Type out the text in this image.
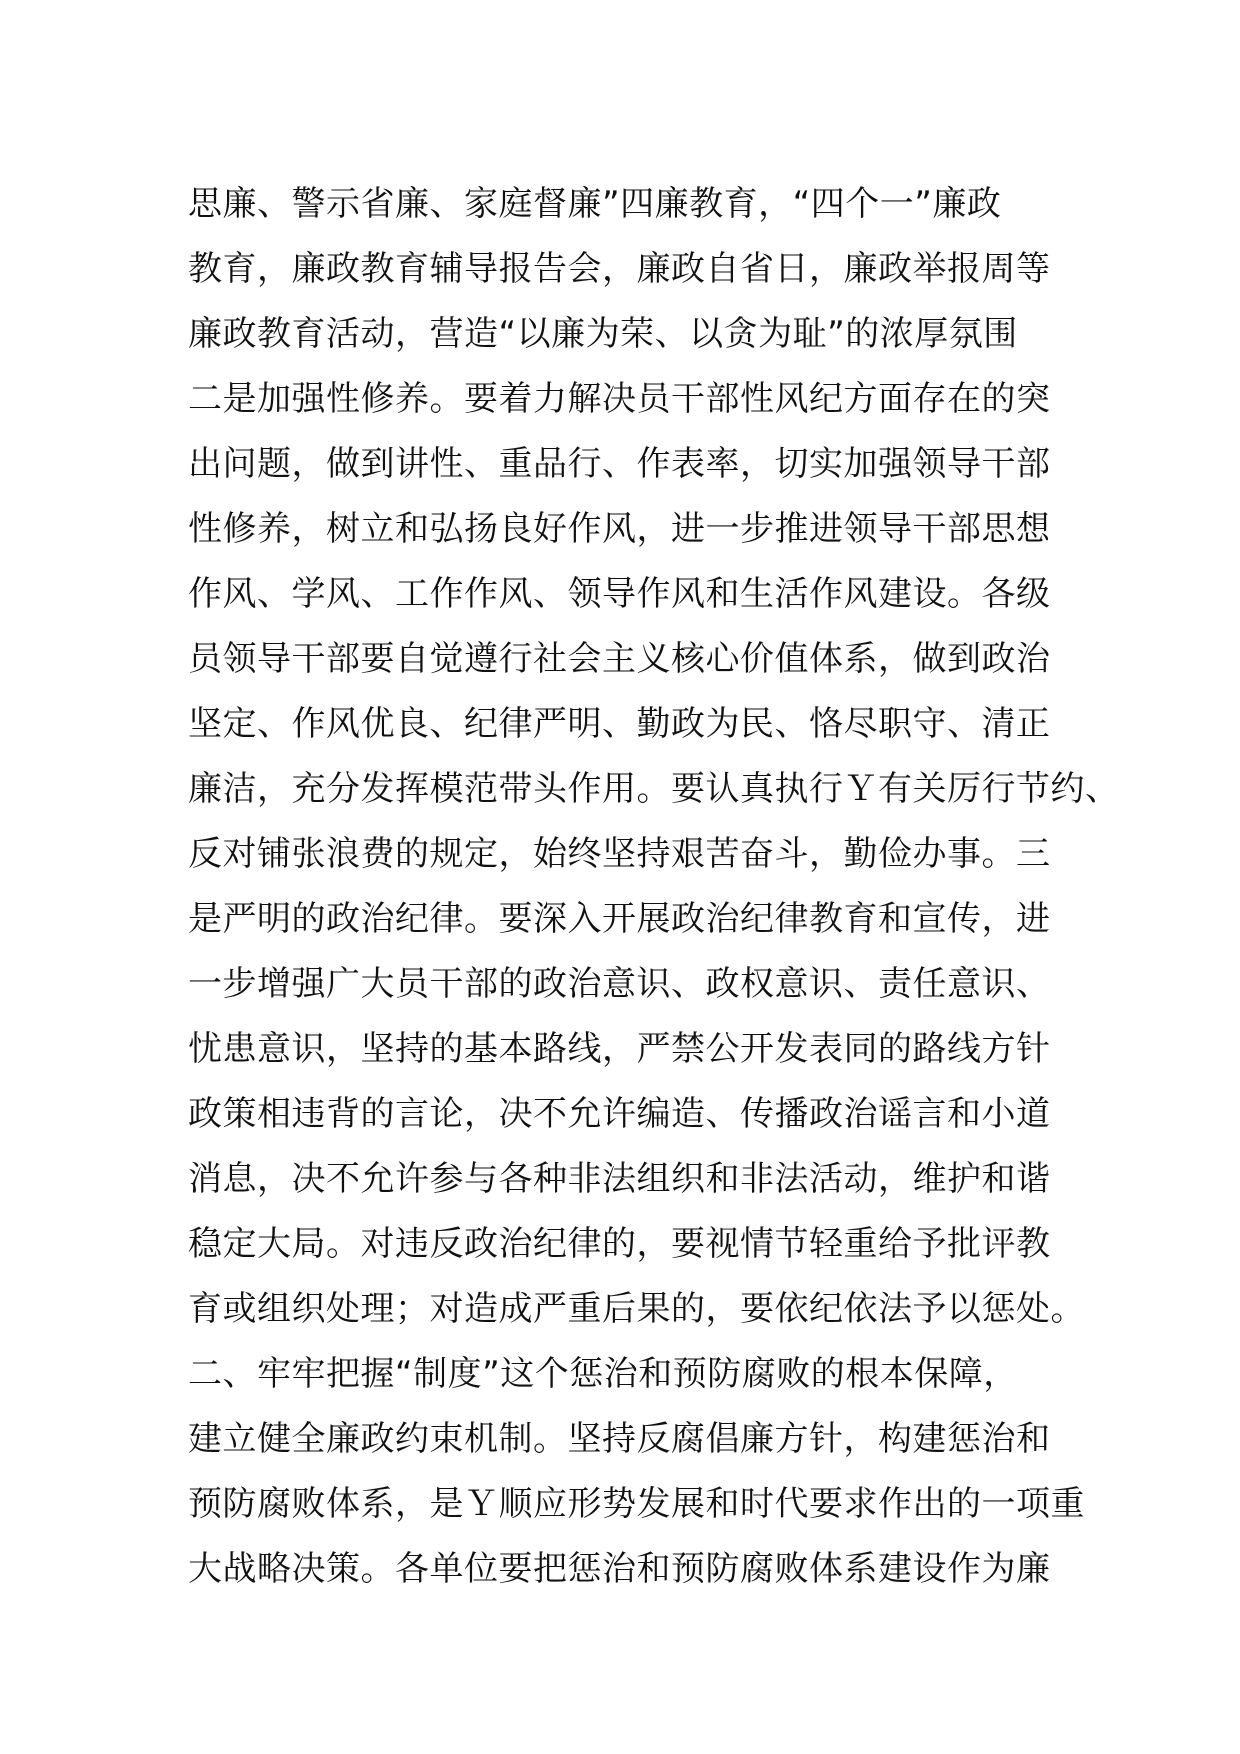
思廉、警示省廉、家庭督廉”四廉教育，“四个一”廉政
教育，廉政教育辅导报告会，廉政自省日，廉政举报周等
廉政教育活动，营造“以廉为荣、以贪为耻”的浓厚氛围
二是加强性修养。要着力解决员干部性风纪方面存在的突
出问题，做到讲性、重品行、作表率，切实加强领导干部
性修养，树立和弘扬良好作风，进一步推进领导干部思想
作风、学风、工作作风、领导作风和生活作风建设。各级
员领导干部要自觉遵行社会主义核心价值体系，做到政治
坚定、作风优良、纪律严明、勤政为民、恪尽职守、清正
廉洁，充分发挥模范带头作用。要认真执行Ｙ有关厉行节约、
反对铺张浪费的规定，始终坚持艰苦奋斗，勤俭办事。三
是严明的政治纪律。要深入开展政治纪律教育和宣传，进
一步增强广大员干部的政治意识、政权意识、责任意识、
忧患意识，坚持的基本路线，严禁公开发表同的路线方针
政策相违背的言论，决不允许编造、传播政治谣言和小道
消息，决不允许参与各种非法组织和非法活动，维护和谐
稳定大局。对违反政治纪律的，要视情节轻重给予批评教
育或组织处理；对造成严重后果的，要依纪依法予以惩处。
二、牢牢把握“制度”这个惩治和预防腐败的根本保障，
建立健全廉政约束机制。坚持反腐倡廉方针，构建惩治和
预防腐败体系，是Ｙ顺应形势发展和时代要求作出的一项重
大战略决策。各单位要把惩治和预防腐败体系建设作为廉
